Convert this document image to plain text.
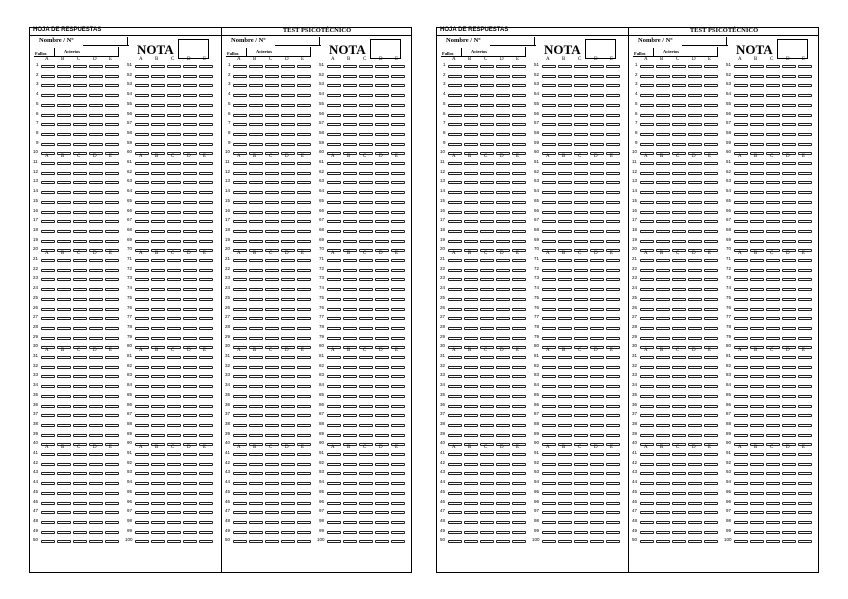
HOJA DE RESPUESTAS	TEST PSICOTÉCNICO
Nombre / Nº
Fallos	Aciertos	NOTA
A B	C	D E
1
2
3
4
5
6
7
8
9
10
A B	C	D E
11
12
13
14
15
16
17
18
19
20
A B	C	D E
21
22
23
24
25
26
27
28
29
30
A B	C	D E
31
32
33
34
35
36
37
38
39
40
A B	C	D E
41
42
43
44
45
46
47
48
49
50
A B	C	D E
51
52
53
54
55
56
57
58
59
60
A B	C	D E
61
62
63
64
65
66
67
68
69
70
A B	C	D E
71
72
73
74
75
76
77
78
79
80
A B	C	D E
81
82
83
84
85
86
87
88
89
90
A B	C	D E
91
92
93
94
95
96
97
98
99
100
Nombre / Nº
Fallos	Aciertos	NOTA
A B	C	D E
1
2
3
4
5
6
7
8
9
10
A B	C	D E
11
12
13
14
15
16
17
18
19
20
A B	C	D E
21
22
23
24
25
26
27
28
29
30
A B	C	D E
31
32
33
34
35
36
37
38
39
40
A B	C	D E
41
42
43
44
45
46
47
48
49
50
A B	C	D E
51
52
53
54
55
56
57
58
59
60
A B	C	D E
61
62
63
64
65
66
67
68
69
70
A B	C	D E
71
72
73
74
75
76
77
78
79
80
A B	C	D E
81
82
83
84
85
86
87
88
89
90
A B	C	D E
91
92
93
94
95
96
97
98
99
100
HOJA DE RESPUESTAS	TEST PSICOTÉCNICO
Nombre / Nº
Fallos	Aciertos	NOTA
A B	C	D E
1
2
3
4
5
6
7
8
9
10
A B	C	D E
11
12
13
14
15
16
17
18
19
20
A B	C	D E
21
22
23
24
25
26
27
28
29
30
A B	C	D E
31
32
33
34
35
36
37
38
39
40
A B	C	D E
41
42
43
44
45
46
47
48
49
50
A B	C	D E
51
52
53
54
55
56
57
58
59
60
A B	C	D E
61
62
63
64
65
66
67
68
69
70
A B	C	D E
71
72
73
74
75
76
77
78
79
80
A B	C	D E
81
82
83
84
85
86
87
88
89
90
A B	C	D E
91
92
93
94
95
96
97
98
99
100
Nombre / Nº
Fallos	Aciertos	NOTA
A B	C	D E
1
2
3
4
5
6
7
8
9
10
A B	C	D E
11
12
13
14
15
16
17
18
19
20
A B	C	D E
21
22
23
24
25
26
27
28
29
30
A B	C	D E
31
32
33
34
35
36
37
38
39
40
A B	C	D E
41
42
43
44
45
46
47
48
49
50
A B	C	D E
51
52
53
54
55
56
57
58
59
60
A B	C	D E
61
62
63
64
65
66
67
68
69
70
A B	C	D E
71
72
73
74
75
76
77
78
79
80
A B	C	D E
81
82
83
84
85
86
87
88
89
90
A B	C	D E
91
92
93
94
95
96
97
98
99
100
